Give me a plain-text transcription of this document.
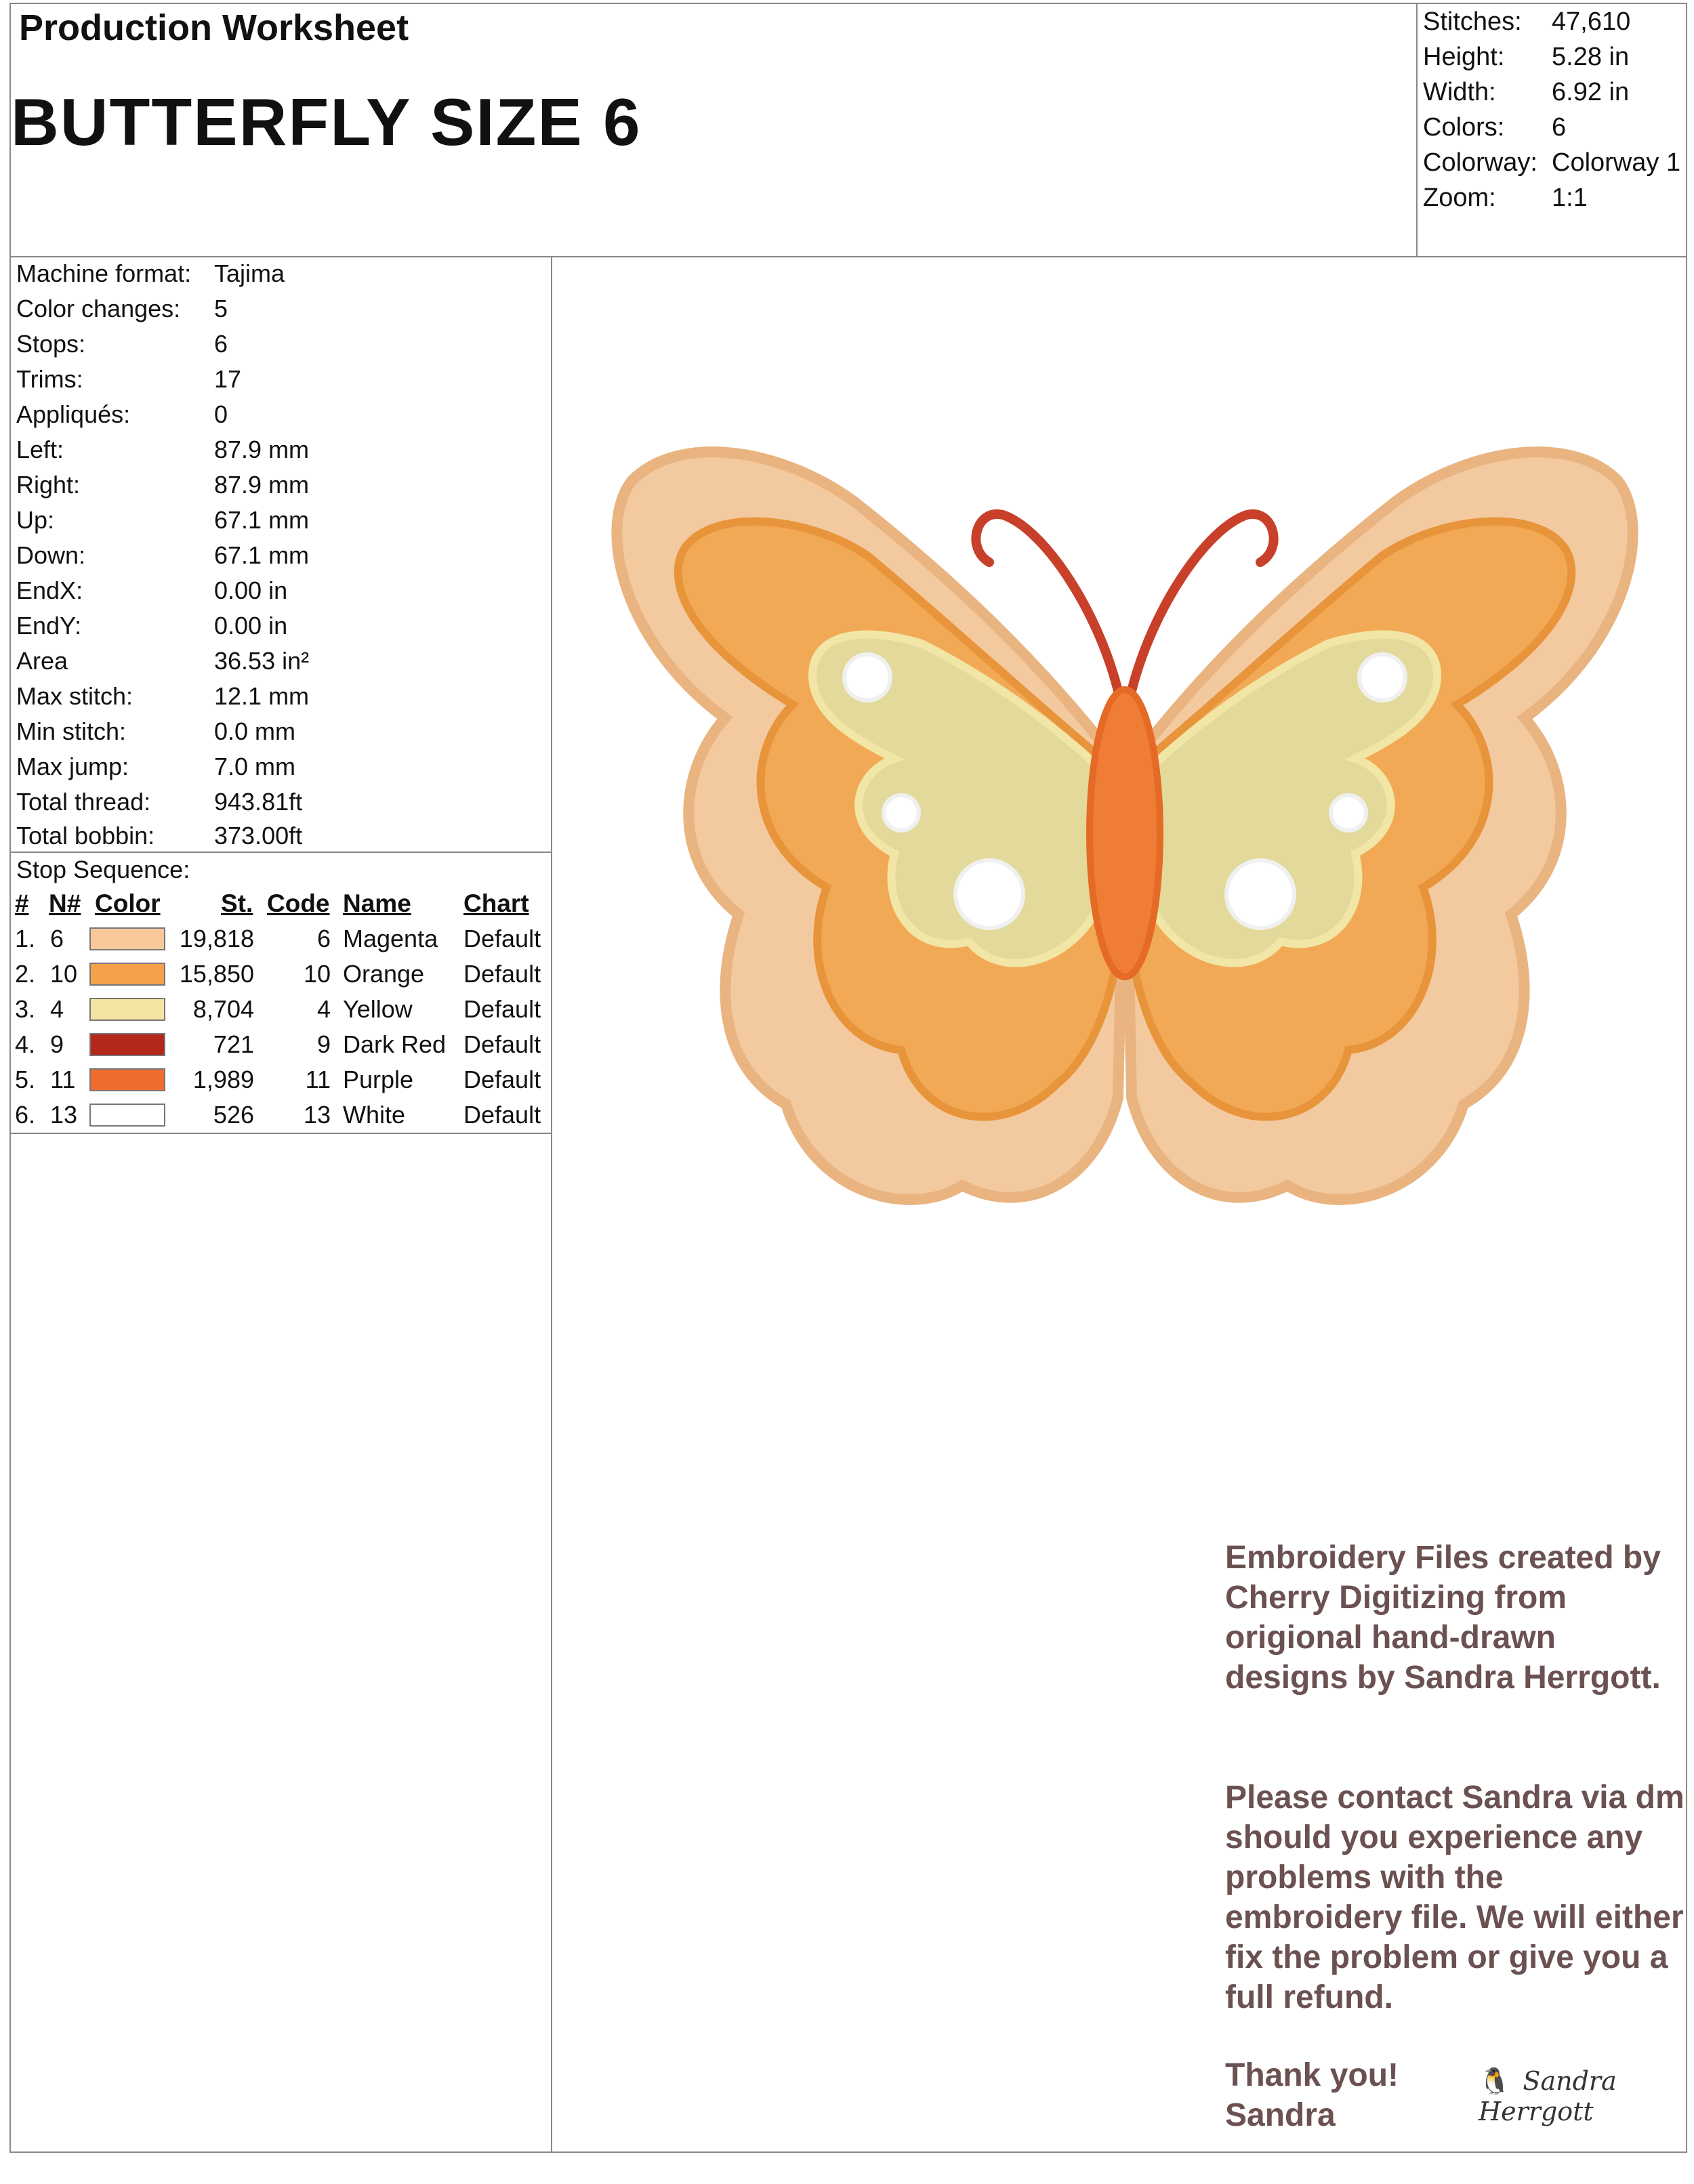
Production Worksheet
BUTTERFLY SIZE 6
Stitches: 47,610
Height: 5.28 in
Width: 6.92 in
Colors: 6
Colorway: Colorway 1
Zoom: 1:1
Machine format: Tajima
Color changes: 5
Stops:	6
Trims:	17
Appliqués:	0
Left:	87.9 mm
Right:	87.9 mm
Up:	67.1 mm
Down:	67.1 mm
EndX:	0.00 in
EndY:	0.00 in
Area	36.53 in²
Max stitch:	12.1 mm
Min stitch:	0.0 mm
Max jump:	7.0 mm
Total thread:	943.81ft
Total bobbin: 373.00ft
Stop Sequence:
# N# Color St. Code Name Chart
1. 6	19,818	6 Magenta Default
2. 10	15,850 10 Orange Default
3. 4	8,704	4 Yellow Default
4. 9	721	9 Dark Red Default
5. 11	1,989 11 Purple Default
6. 13	526 13 White Default
Embroidery Files created by Cherry Digitizing from origional hand-drawn designs by Sandra Herrgott.
Please contact Sandra via dm should you experience any problems with the embroidery file. We will either fix the problem or give you a full refund.
Thank you!
Sandra
🐧 Sandra Herrgott
